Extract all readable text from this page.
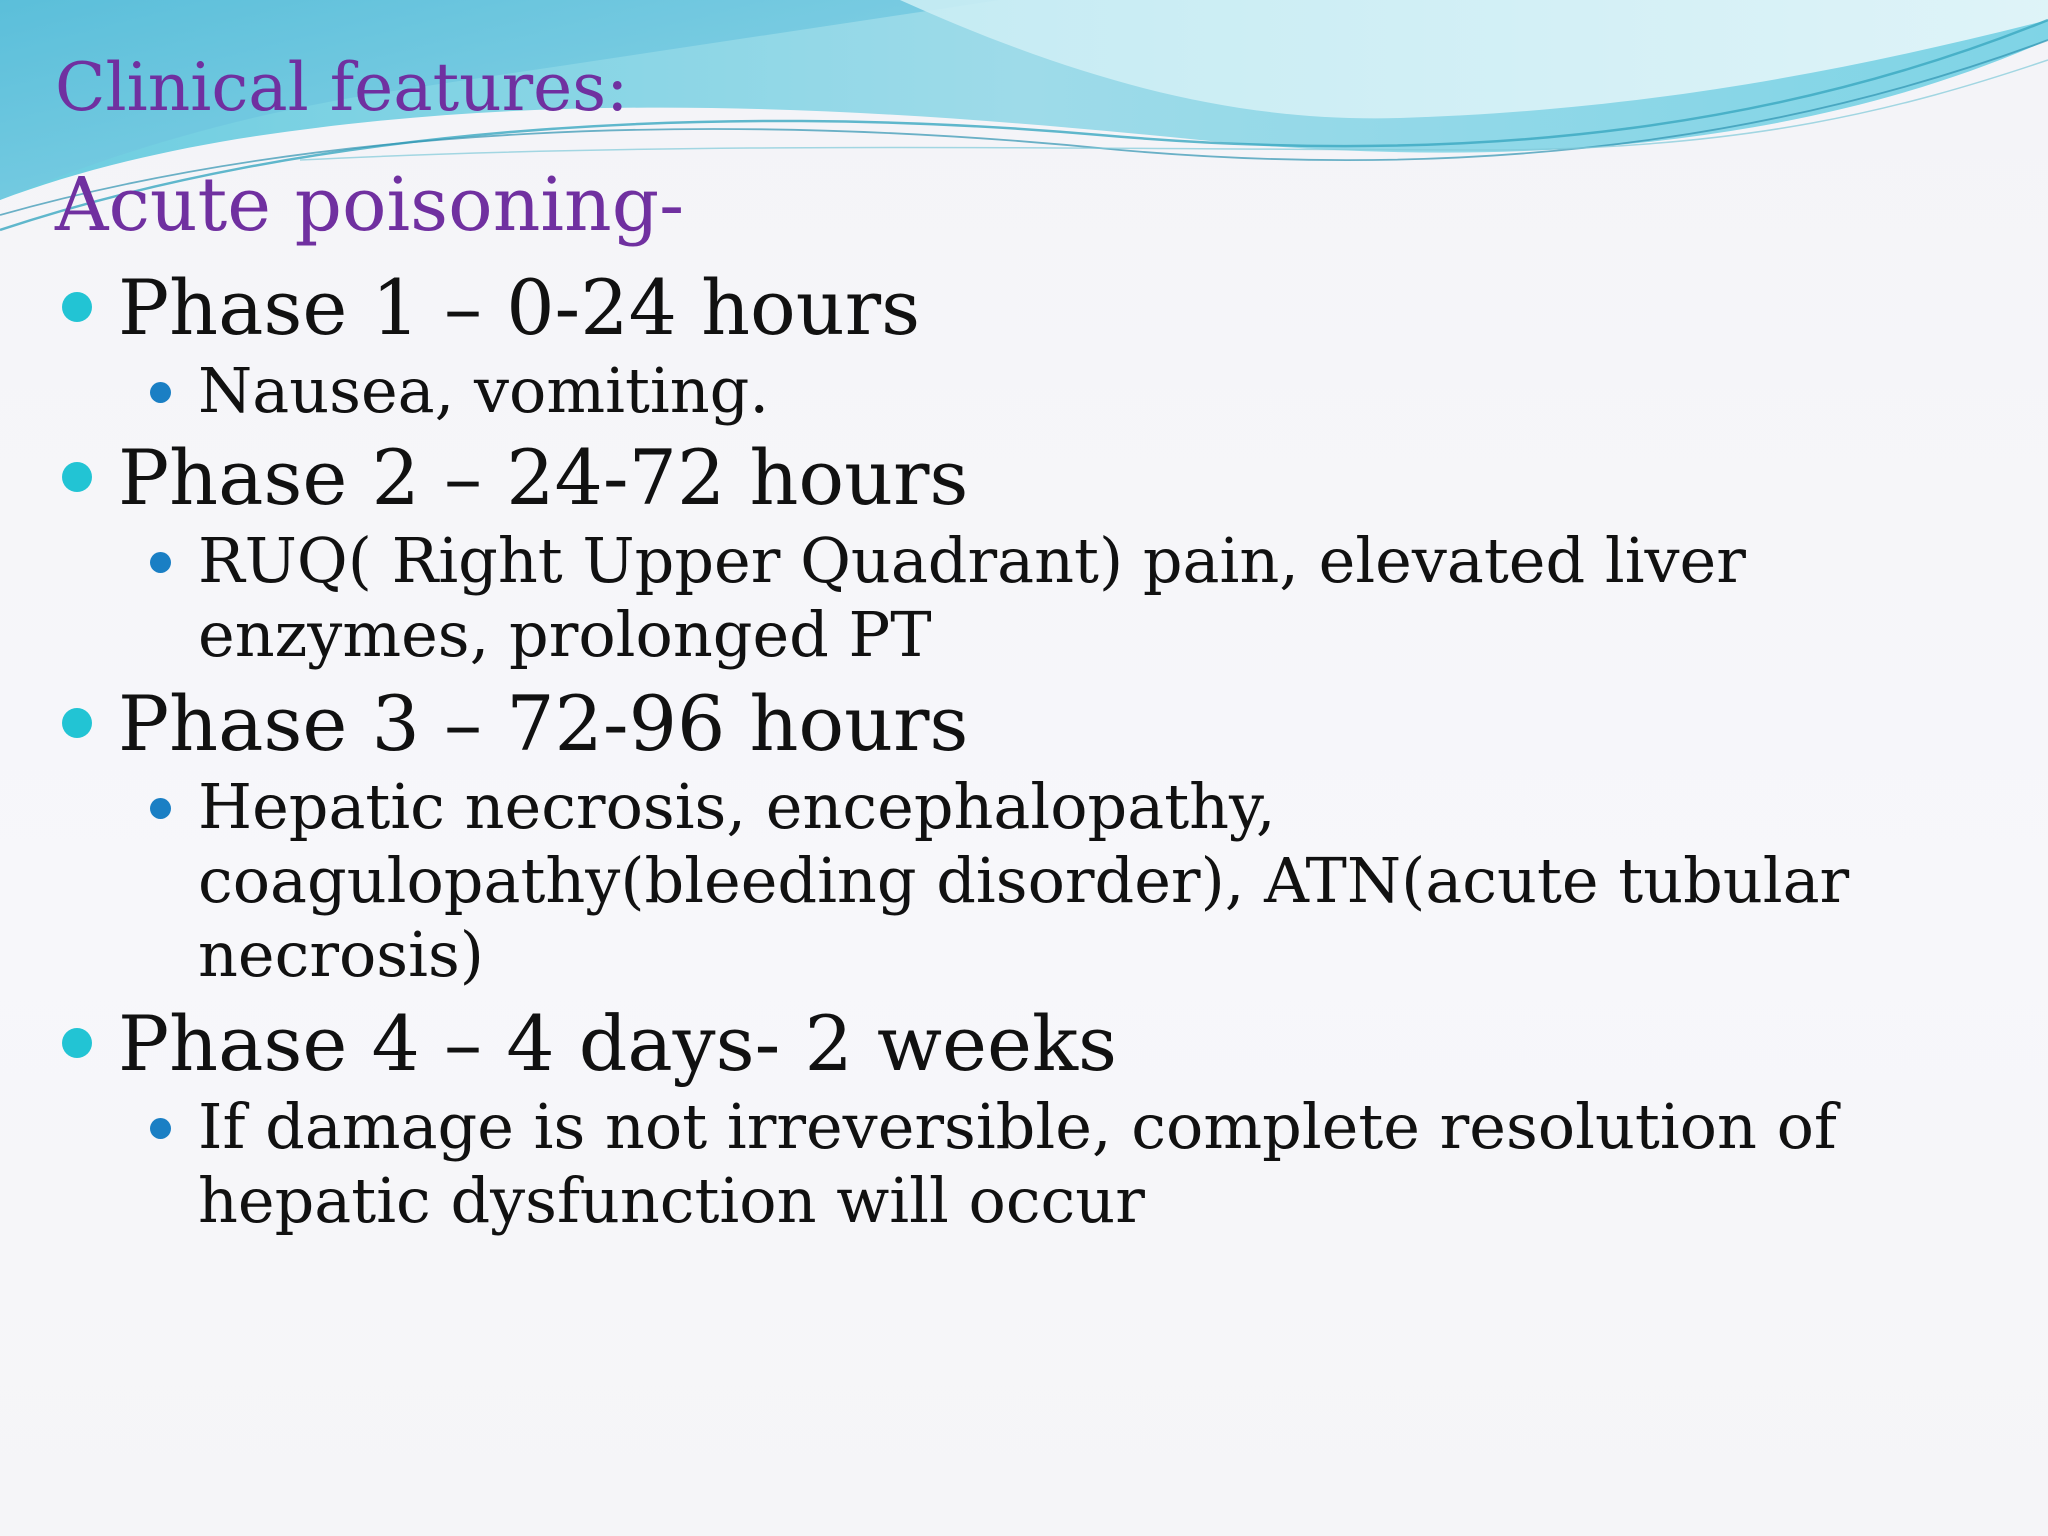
Clinical features:
Acute poisoning-
Phase 1 – 0-24 hours
Nausea, vomiting.
Phase 2 – 24-72 hours
RUQ( Right Upper Quadrant) pain, elevated liver enzymes, prolonged PT
Phase 3 – 72-96 hours
Hepatic necrosis, encephalopathy, coagulopathy(bleeding disorder), ATN(acute tubular necrosis)
Phase 4 – 4 days- 2 weeks
If damage is not irreversible, complete resolution of hepatic dysfunction will occur
